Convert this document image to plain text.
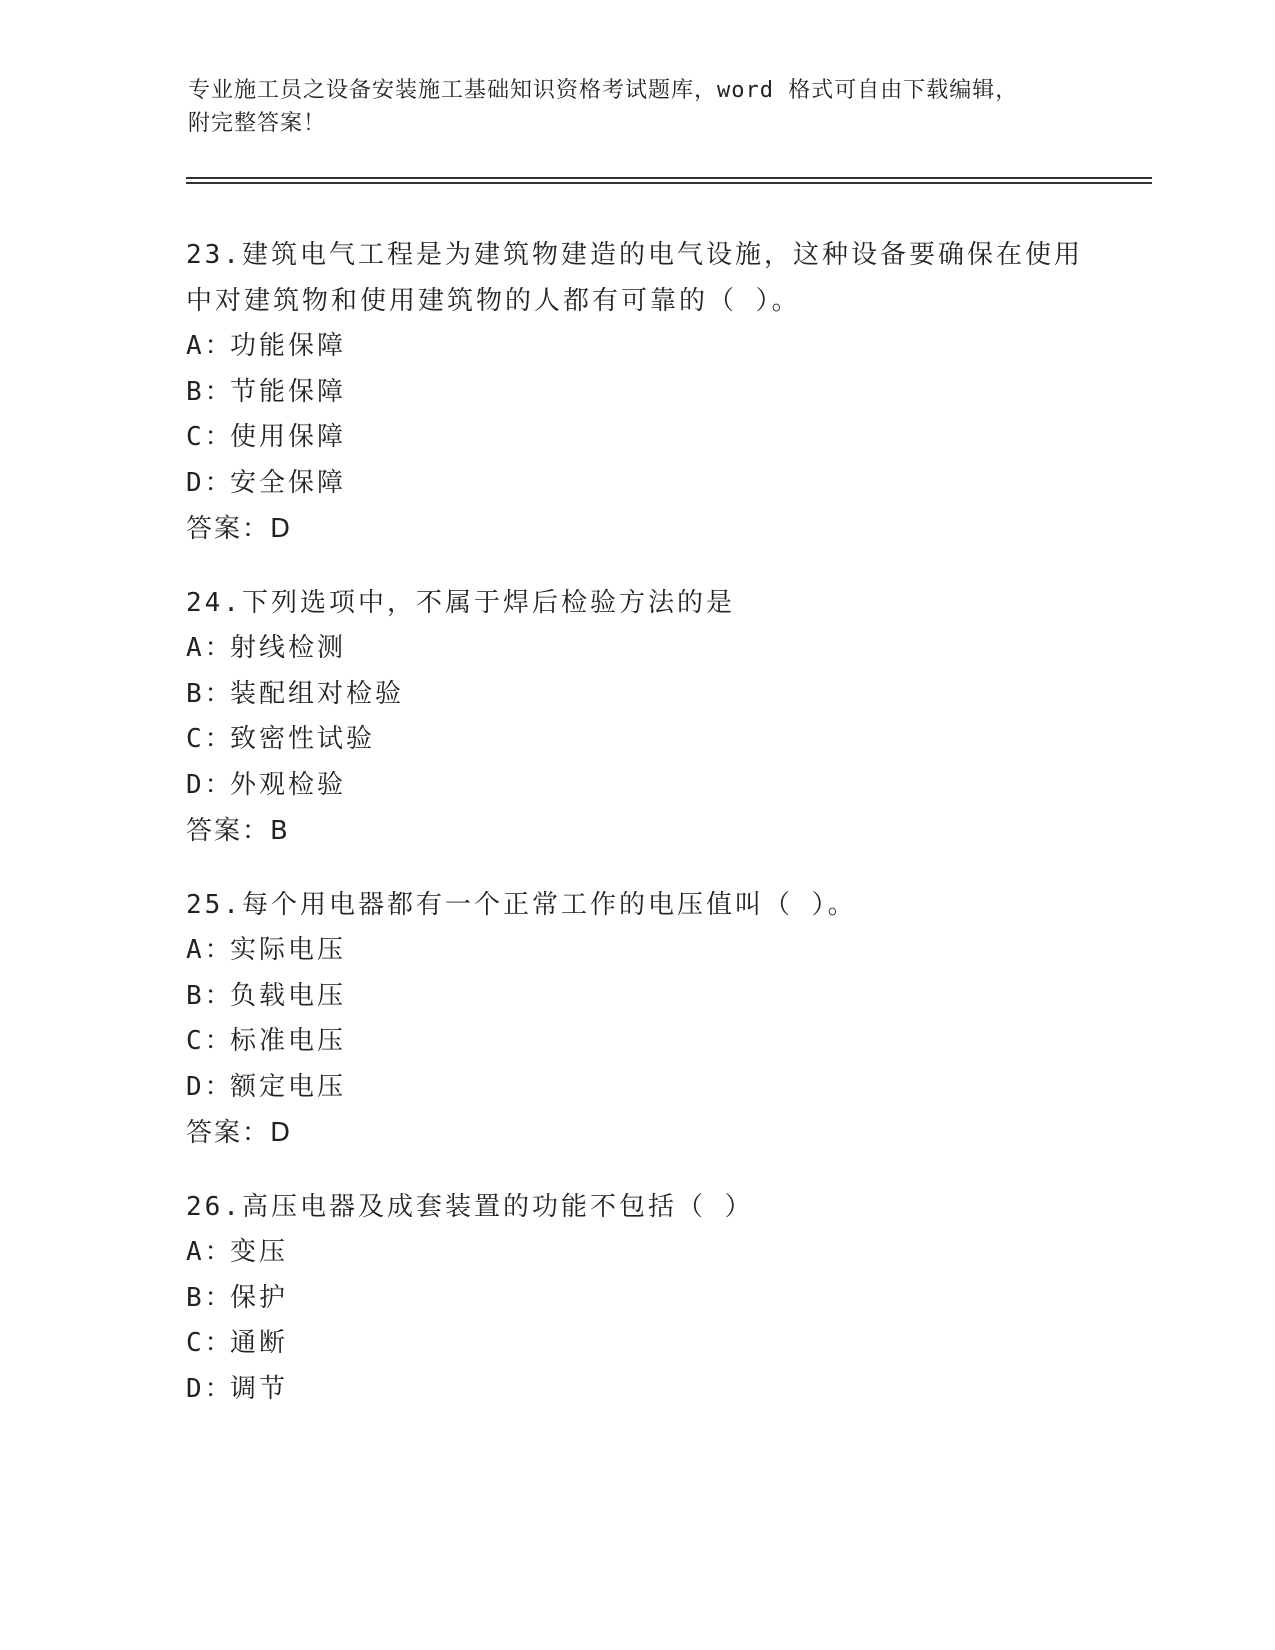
专业施工员之设备安装施工基础知识资格考试题库，word 格式可自由下载编辑，
附完整答案！
23.建筑电气工程是为建筑物建造的电气设施，这种设备要确保在使用
中对建筑物和使用建筑物的人都有可靠的（ ）。
A：
功能保障
B：
节能保障
C：
使用保障
D：
安全保障
答案：D
24.下列选项中，不属于焊后检验方法的是
A：
射线检测
B：
装配组对检验
C：
致密性试验
D：
外观检验
答案：B
25.每个用电器都有一个正常工作的电压值叫（ ）。
A：
实际电压
B：
负载电压
C：
标准电压
D：
额定电压
答案：D
26.高压电器及成套装置的功能不包括（ ）
A：
变压
B：
保护
C：
通断
D：
调节
